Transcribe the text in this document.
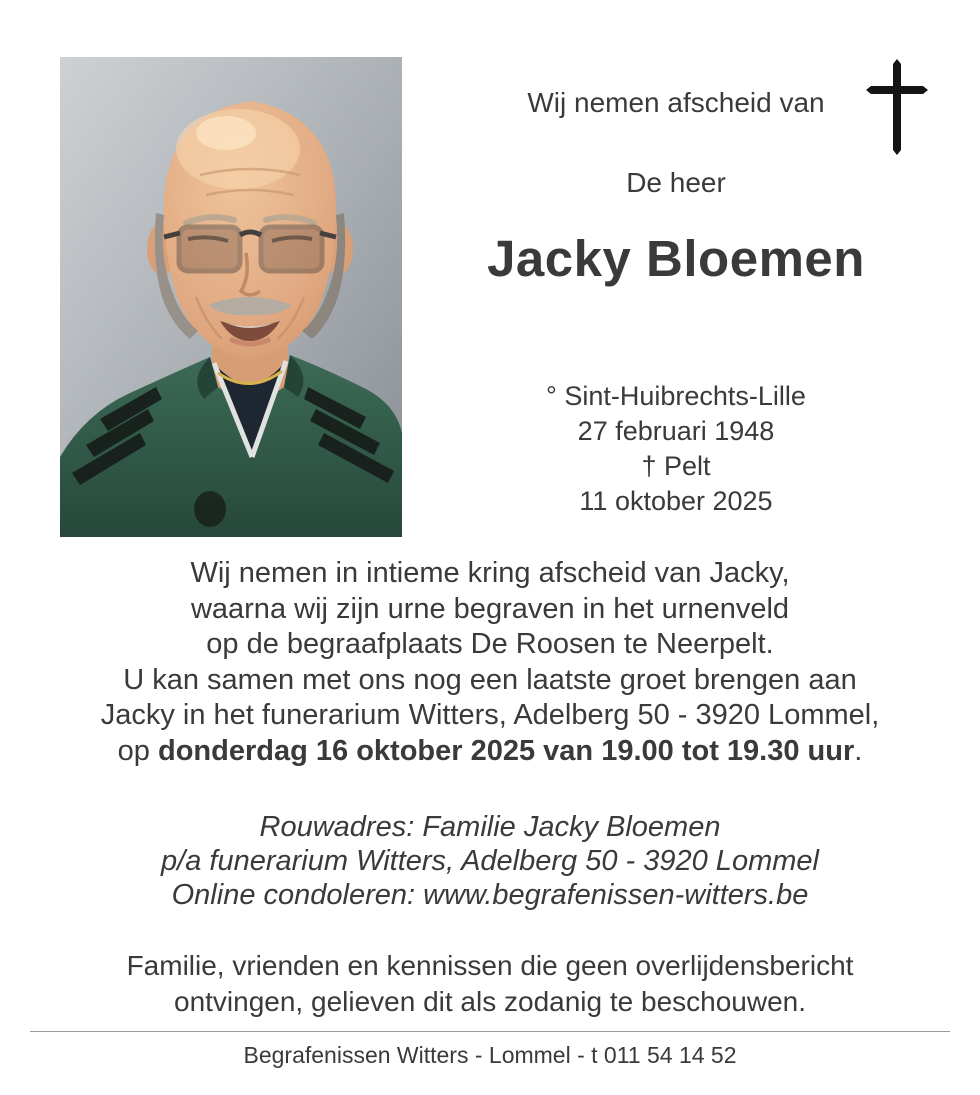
Wij nemen afscheid van

De heer

Jacky Bloemen

° Sint-Huibrechts-Lille

27 februari 1948

† Pelt

11 oktober 2025

Wij nemen in intieme kring afscheid van Jacky,

waarna wij zijn urne begraven in het urnenveld

op de begraafplaats De Roosen te Neerpelt.

U kan samen met ons nog een laatste groet brengen aan

Jacky in het funerarium Witters, Adelberg 50 - 3920 Lommel,

op donderdag 16 oktober 2025 van 19.00 tot 19.30 uur.

Rouwadres: Familie Jacky Bloemen

p/a funerarium Witters, Adelberg 50 - 3920 Lommel

Online condoleren: www.begrafenissen-witters.be

Familie, vrienden en kennissen die geen overlijdensbericht

ontvingen, gelieven dit als zodanig te beschouwen.

Begrafenissen Witters - Lommel - t 011 54 14 52
